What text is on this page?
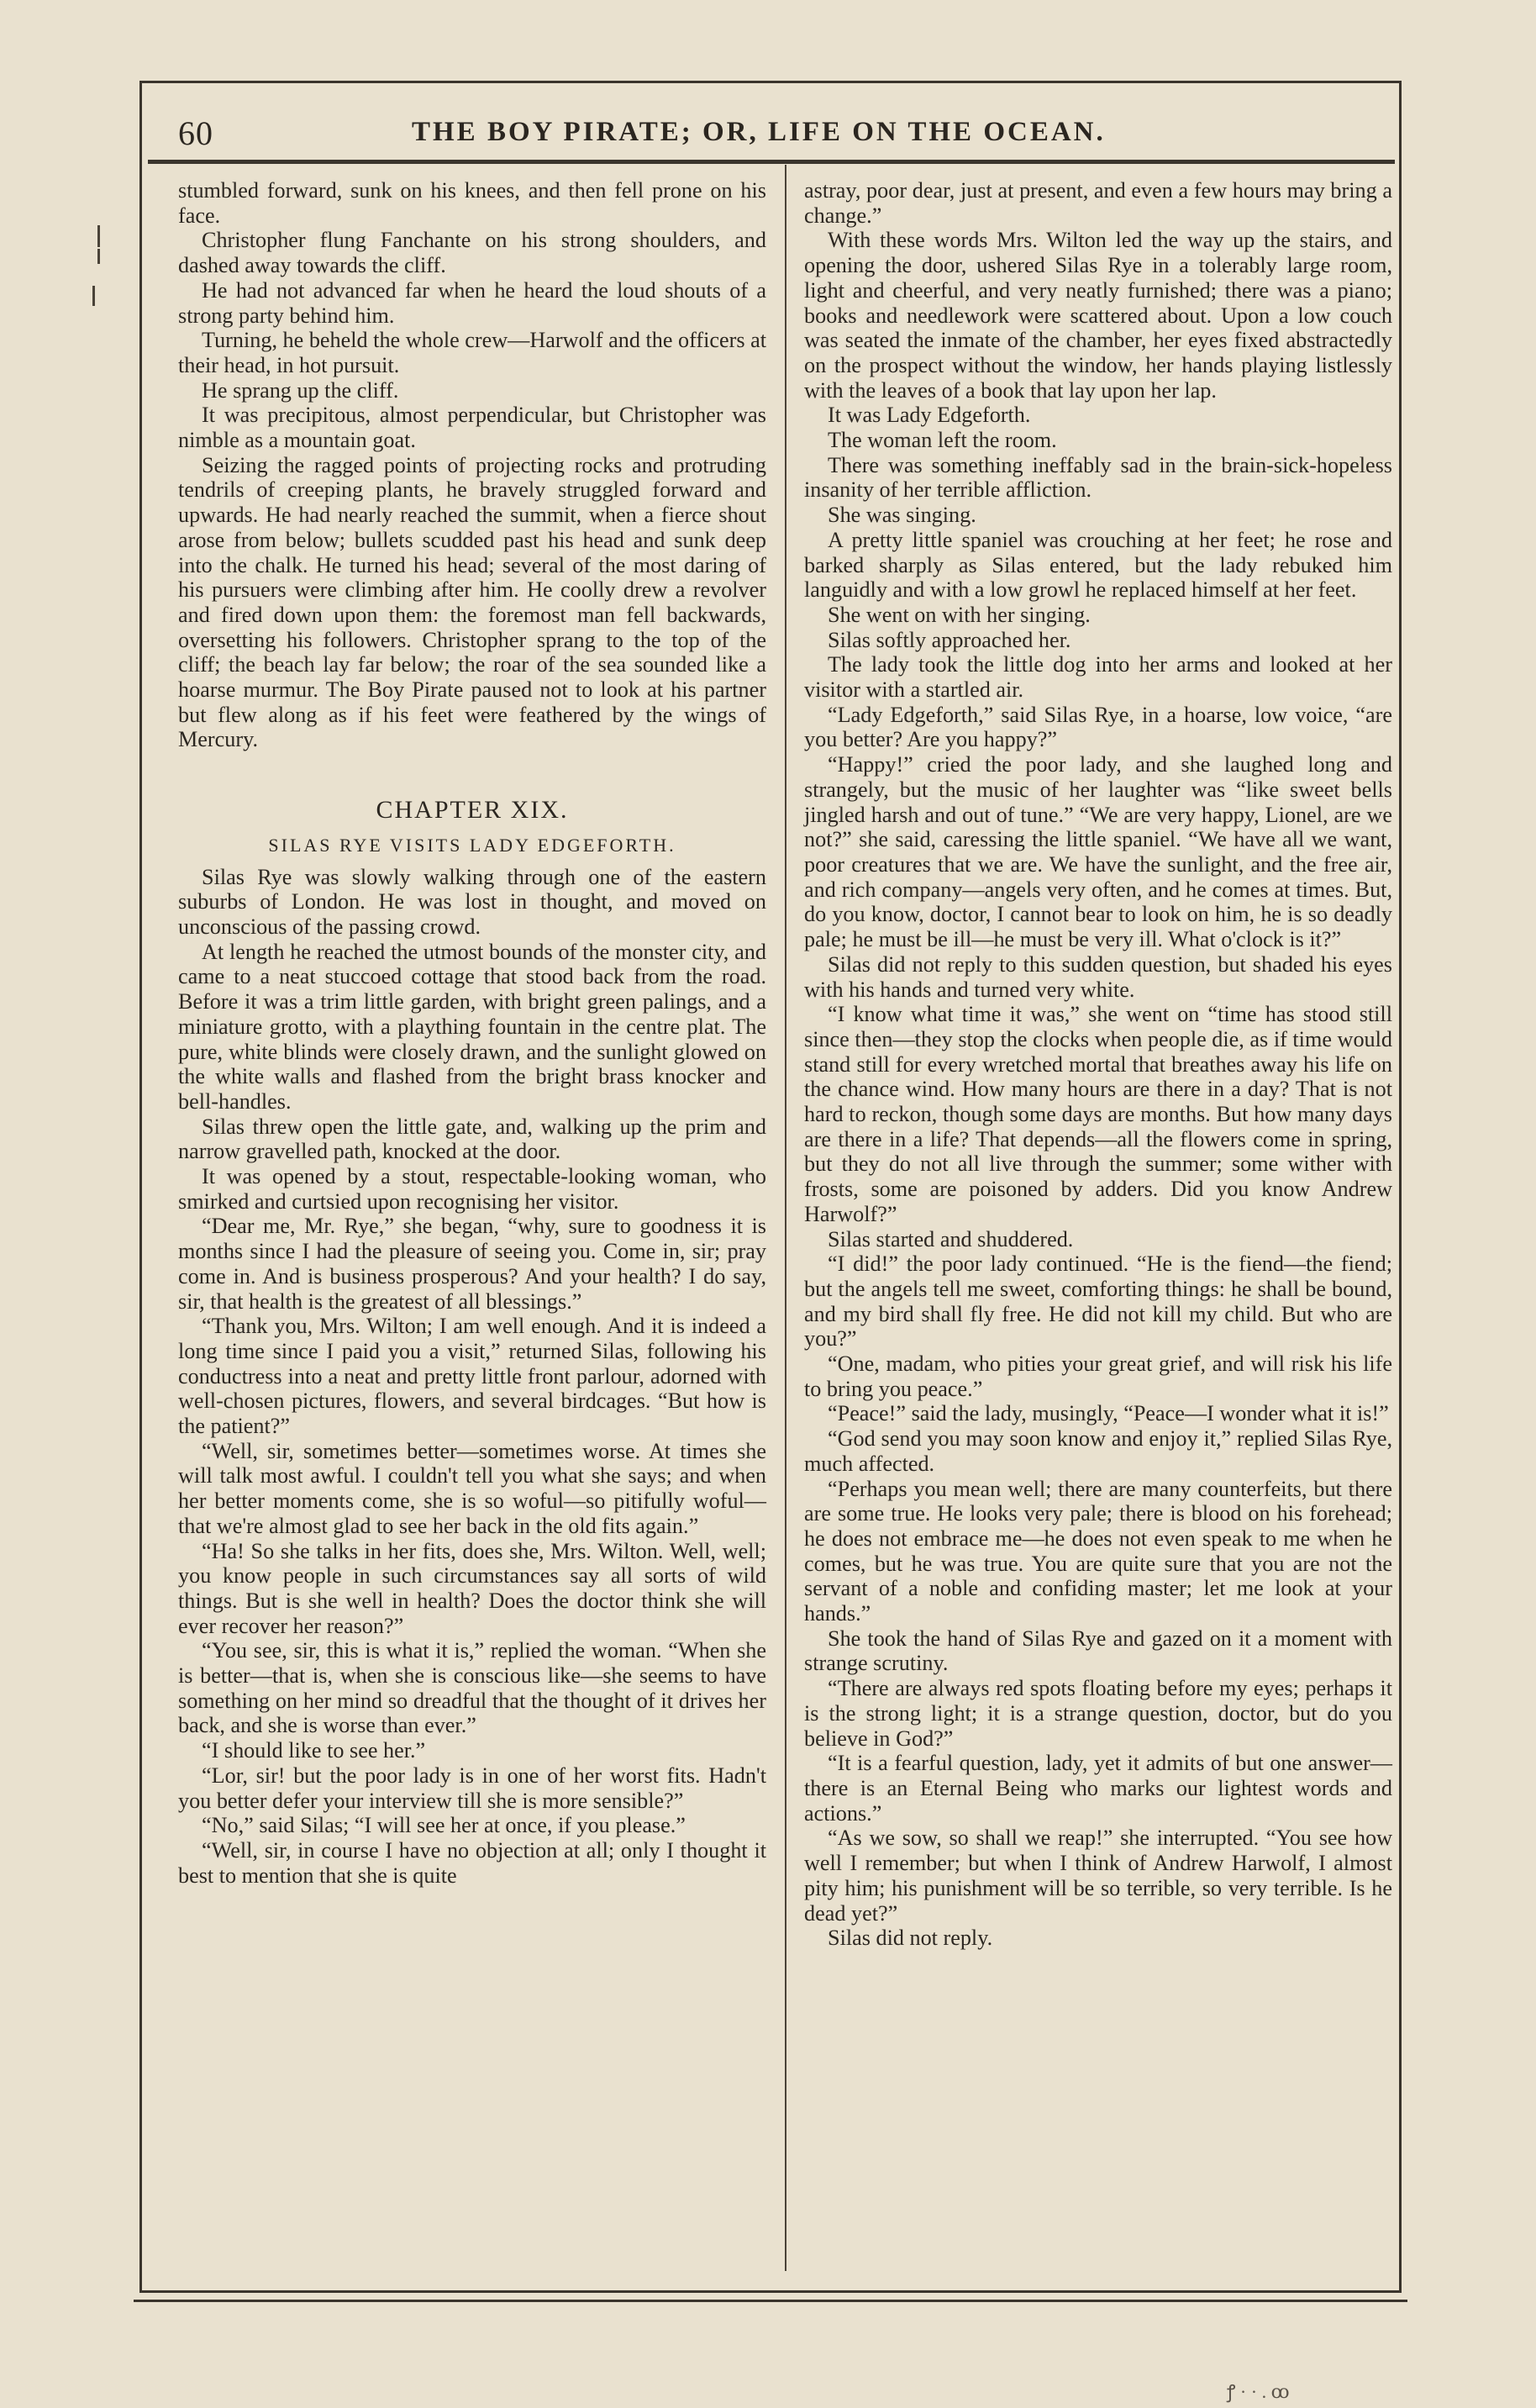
60	THE BOY PIRATE; OR, LIFE ON THE OCEAN.

stumbled forward, sunk on his knees, and then fell prone on his face.

Christopher flung Fanchante on his strong shoulders, and dashed away towards the cliff.

He had not advanced far when he heard the loud shouts of a strong party behind him.

Turning, he beheld the whole crew—Harwolf and the officers at their head, in hot pursuit.

He sprang up the cliff.

It was precipitous, almost perpendicular, but Christopher was nimble as a mountain goat.

Seizing the ragged points of projecting rocks and protruding tendrils of creeping plants, he bravely struggled forward and upwards. He had nearly reached the summit, when a fierce shout arose from below; bullets scudded past his head and sunk deep into the chalk. He turned his head; several of the most daring of his pursuers were climbing after him. He coolly drew a revolver and fired down upon them: the foremost man fell backwards, oversetting his followers. Christopher sprang to the top of the cliff; the beach lay far below; the roar of the sea sounded like a hoarse murmur. The Boy Pirate paused not to look at his partner but flew along as if his feet were feathered by the wings of Mercury.

CHAPTER XIX.
SILAS RYE VISITS LADY EDGEFORTH.

Silas Rye was slowly walking through one of the eastern suburbs of London. He was lost in thought, and moved on unconscious of the passing crowd.

At length he reached the utmost bounds of the monster city, and came to a neat stuccoed cottage that stood back from the road. Before it was a trim little garden, with bright green palings, and a miniature grotto, with a plaything fountain in the centre plat. The pure, white blinds were closely drawn, and the sunlight glowed on the white walls and flashed from the bright brass knocker and bell-handles.

Silas threw open the little gate, and, walking up the prim and narrow gravelled path, knocked at the door.

It was opened by a stout, respectable-looking woman, who smirked and curtsied upon recognising her visitor.

“Dear me, Mr. Rye,” she began, “why, sure to goodness it is months since I had the pleasure of seeing you. Come in, sir; pray come in. And is business prosperous? And your health? I do say, sir, that health is the greatest of all blessings.”

“Thank you, Mrs. Wilton; I am well enough. And it is indeed a long time since I paid you a visit,” returned Silas, following his conductress into a neat and pretty little front parlour, adorned with well-chosen pictures, flowers, and several birdcages. “But how is the patient?”

“Well, sir, sometimes better—sometimes worse. At times she will talk most awful. I couldn't tell you what she says; and when her better moments come, she is so woful—so pitifully woful—that we're almost glad to see her back in the old fits again.”

“Ha! So she talks in her fits, does she, Mrs. Wilton. Well, well; you know people in such circumstances say all sorts of wild things. But is she well in health? Does the doctor think she will ever recover her reason?”

“You see, sir, this is what it is,” replied the woman. “When she is better—that is, when she is conscious like—she seems to have something on her mind so dreadful that the thought of it drives her back, and she is worse than ever.”

“I should like to see her.”

“Lor, sir! but the poor lady is in one of her worst fits. Hadn't you better defer your interview till she is more sensible?”

“No,” said Silas; “I will see her at once, if you please.”

“Well, sir, in course I have no objection at all; only I thought it best to mention that she is quite

astray, poor dear, just at present, and even a few hours may bring a change.”

With these words Mrs. Wilton led the way up the stairs, and opening the door, ushered Silas Rye in a tolerably large room, light and cheerful, and very neatly furnished; there was a piano; books and needlework were scattered about. Upon a low couch was seated the inmate of the chamber, her eyes fixed abstractedly on the prospect without the window, her hands playing listlessly with the leaves of a book that lay upon her lap.

It was Lady Edgeforth.

The woman left the room.

There was something ineffably sad in the brain-sick-hopeless insanity of her terrible affliction.

She was singing.

A pretty little spaniel was crouching at her feet; he rose and barked sharply as Silas entered, but the lady rebuked him languidly and with a low growl he replaced himself at her feet.

She went on with her singing.

Silas softly approached her.

The lady took the little dog into her arms and looked at her visitor with a startled air.

“Lady Edgeforth,” said Silas Rye, in a hoarse, low voice, “are you better? Are you happy?”

“Happy!” cried the poor lady, and she laughed long and strangely, but the music of her laughter was “like sweet bells jingled harsh and out of tune.” “We are very happy, Lionel, are we not?” she said, caressing the little spaniel. “We have all we want, poor creatures that we are. We have the sunlight, and the free air, and rich company—angels very often, and he comes at times. But, do you know, doctor, I cannot bear to look on him, he is so deadly pale; he must be ill—he must be very ill. What o'clock is it?”

Silas did not reply to this sudden question, but shaded his eyes with his hands and turned very white.

“I know what time it was,” she went on “time has stood still since then—they stop the clocks when people die, as if time would stand still for every wretched mortal that breathes away his life on the chance wind. How many hours are there in a day? That is not hard to reckon, though some days are months. But how many days are there in a life? That depends—all the flowers come in spring, but they do not all live through the summer; some wither with frosts, some are poisoned by adders. Did you know Andrew Harwolf?”

Silas started and shuddered.

“I did!” the poor lady continued. “He is the fiend—the fiend; but the angels tell me sweet, comforting things: he shall be bound, and my bird shall fly free. He did not kill my child. But who are you?”

“One, madam, who pities your great grief, and will risk his life to bring you peace.”

“Peace!” said the lady, musingly, “Peace—I wonder what it is!”

“God send you may soon know and enjoy it,” replied Silas Rye, much affected.

“Perhaps you mean well; there are many counterfeits, but there are some true. He looks very pale; there is blood on his forehead; he does not embrace me—he does not even speak to me when he comes, but he was true. You are quite sure that you are not the servant of a noble and confiding master; let me look at your hands.”

She took the hand of Silas Rye and gazed on it a moment with strange scrutiny.

“There are always red spots floating before my eyes; perhaps it is the strong light; it is a strange question, doctor, but do you believe in God?”

“It is a fearful question, lady, yet it admits of but one answer—there is an Eternal Being who marks our lightest words and actions.”

“As we sow, so shall we reap!” she interrupted. “You see how well I remember; but when I think of Andrew Harwolf, I almost pity him; his punishment will be so terrible, so very terrible. Is he dead yet?”

Silas did not reply.

ꝭ · · . ꝏ
